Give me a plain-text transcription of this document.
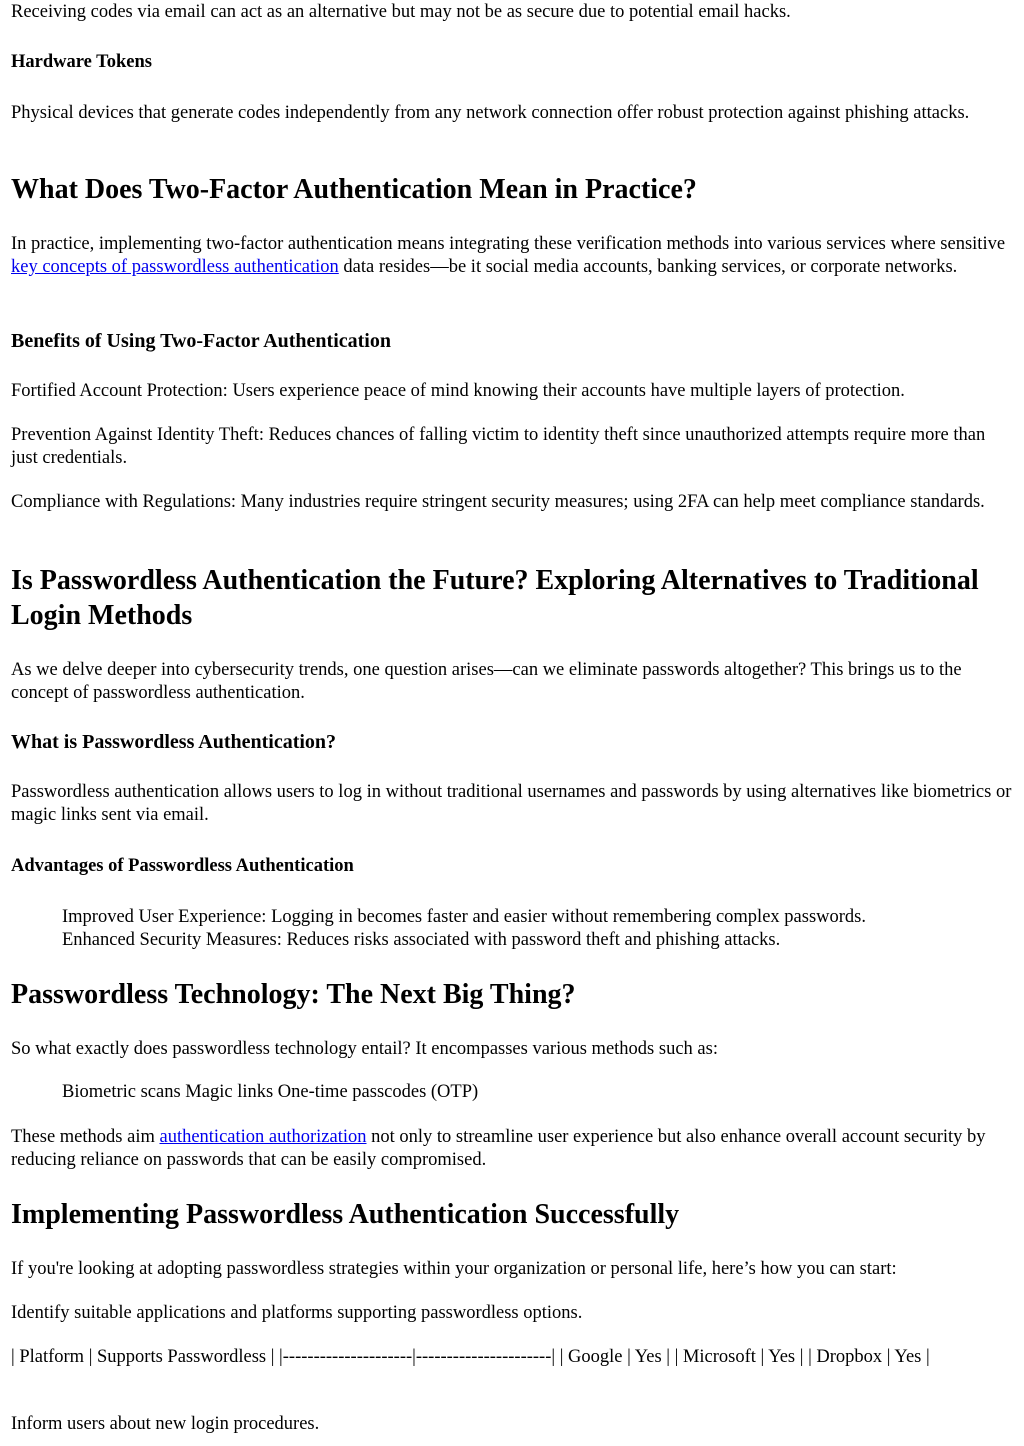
Receiving codes via email can act as an alternative but may not be as secure due to potential email hacks.

Hardware Tokens

Physical devices that generate codes independently from any network connection offer robust protection against phishing attacks.

What Does Two-Factor Authentication Mean in Practice?

In practice, implementing two-factor authentication means integrating these verification methods into various services where sensitive key concepts of passwordless authentication data resides—be it social media accounts, banking services, or corporate networks.

Benefits of Using Two-Factor Authentication

Fortified Account Protection: Users experience peace of mind knowing their accounts have multiple layers of protection.

Prevention Against Identity Theft: Reduces chances of falling victim to identity theft since unauthorized attempts require more than just credentials.

Compliance with Regulations: Many industries require stringent security measures; using 2FA can help meet compliance standards.

Is Passwordless Authentication the Future? Exploring Alternatives to Traditional Login Methods

As we delve deeper into cybersecurity trends, one question arises—can we eliminate passwords altogether? This brings us to the concept of passwordless authentication.

What is Passwordless Authentication?

Passwordless authentication allows users to log in without traditional usernames and passwords by using alternatives like biometrics or magic links sent via email.

Advantages of Passwordless Authentication

Improved User Experience: Logging in becomes faster and easier without remembering complex passwords.

Enhanced Security Measures: Reduces risks associated with password theft and phishing attacks.

Passwordless Technology: The Next Big Thing?

So what exactly does passwordless technology entail? It encompasses various methods such as:

Biometric scans Magic links One-time passcodes (OTP)

These methods aim authentication authorization not only to streamline user experience but also enhance overall account security by reducing reliance on passwords that can be easily compromised.

Implementing Passwordless Authentication Successfully

If you're looking at adopting passwordless strategies within your organization or personal life, here’s how you can start:

Identify suitable applications and platforms supporting passwordless options.

| Platform | Supports Passwordless | |---------------------|----------------------| | Google | Yes | | Microsoft | Yes | | Dropbox | Yes |

Inform users about new login procedures.
